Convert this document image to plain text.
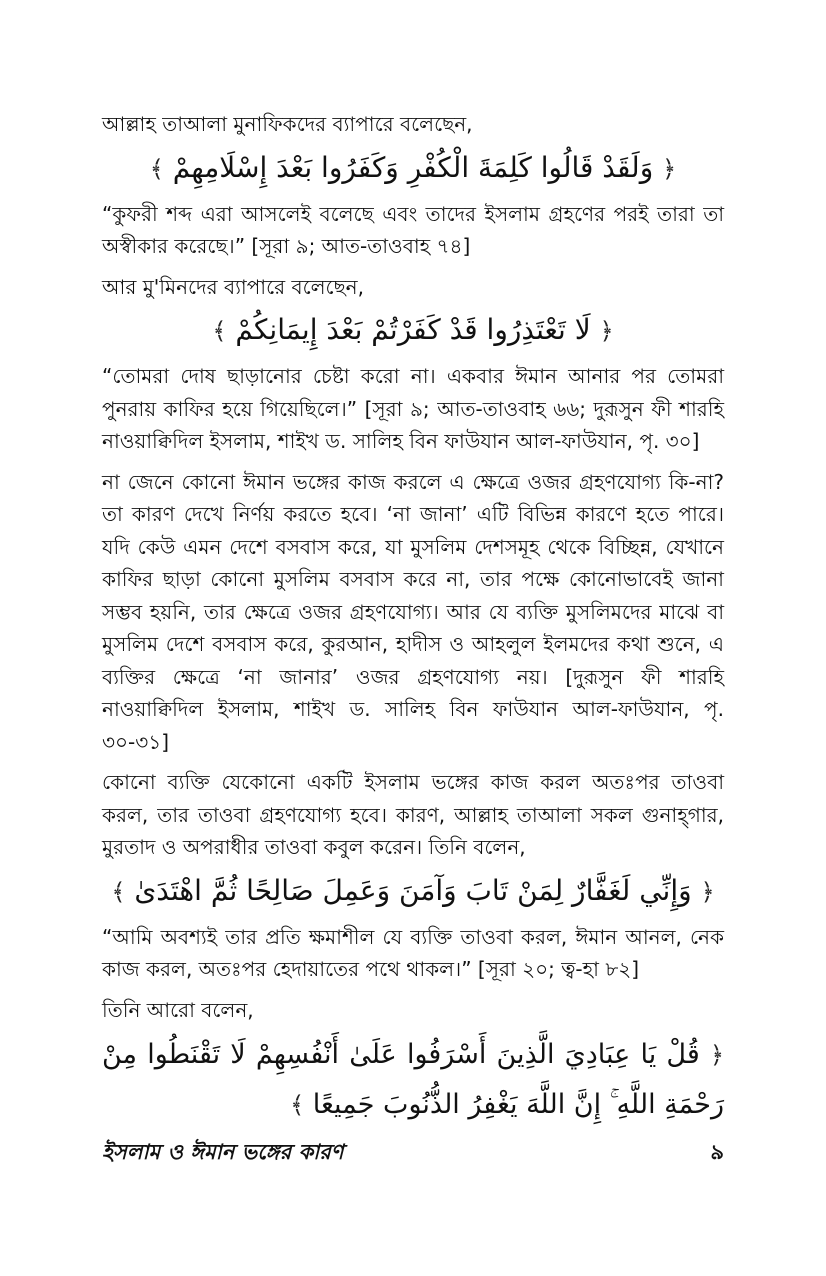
আল্লাহ তাআলা মুনাফিকদের ব্যাপারে বলেছেন,

﴿ وَلَقَدْ قَالُوا كَلِمَةَ الْكُفْرِ وَكَفَرُوا بَعْدَ إِسْلَامِهِمْ ﴾

“কুফরী শব্দ এরা আসলেই বলেছে এবং তাদের ইসলাম গ্রহণের পরই তারা তা অস্বীকার করেছে।” [সূরা ৯; আত-তাওবাহ ৭৪]

আর মু'মিনদের ব্যাপারে বলেছেন,

﴿ لَا تَعْتَذِرُوا قَدْ كَفَرْتُمْ بَعْدَ إِيمَانِكُمْ ﴾

“তোমরা দোষ ছাড়ানোর চেষ্টা করো না। একবার ঈমান আনার পর তোমরা পুনরায় কাফির হয়ে গিয়েছিলে।” [সূরা ৯; আত-তাওবাহ ৬৬; দুরূসুন ফী শারহি নাওয়াক্বিদিল ইসলাম, শাইখ ড. সালিহ বিন ফাউযান আল-ফাউযান, পৃ. ৩০]

না জেনে কোনো ঈমান ভঙ্গের কাজ করলে এ ক্ষেত্রে ওজর গ্রহণযোগ্য কি-না? তা কারণ দেখে নির্ণয় করতে হবে। ‘না জানা’ এটি বিভিন্ন কারণে হতে পারে। যদি কেউ এমন দেশে বসবাস করে, যা মুসলিম দেশসমূহ থেকে বিচ্ছিন্ন, যেখানে কাফির ছাড়া কোনো মুসলিম বসবাস করে না, তার পক্ষে কোনোভাবেই জানা সম্ভব হয়নি, তার ক্ষেত্রে ওজর গ্রহণযোগ্য। আর যে ব্যক্তি মুসলিমদের মাঝে বা মুসলিম দেশে বসবাস করে, কুরআন, হাদীস ও আহলুল ইলমদের কথা শুনে, এ ব্যক্তির ক্ষেত্রে ‘না জানার’ ওজর গ্রহণযোগ্য নয়। [দুরূসুন ফী শারহি নাওয়াক্বিদিল ইসলাম, শাইখ ড. সালিহ বিন ফাউযান আল-ফাউযান, পৃ. ৩০-৩১]

কোনো ব্যক্তি যেকোনো একটি ইসলাম ভঙ্গের কাজ করল অতঃপর তাওবা করল, তার তাওবা গ্রহণযোগ্য হবে। কারণ, আল্লাহ তাআলা সকল গুনাহ্‌গার, মুরতাদ ও অপরাধীর তাওবা কবুল করেন। তিনি বলেন,

﴿ وَإِنِّي لَغَفَّارٌ لِمَنْ تَابَ وَآمَنَ وَعَمِلَ صَالِحًا ثُمَّ اهْتَدَىٰ ﴾

“আমি অবশ্যই তার প্রতি ক্ষমাশীল যে ব্যক্তি তাওবা করল, ঈমান আনল, নেক কাজ করল, অতঃপর হেদায়াতের পথে থাকল।” [সূরা ২০; ত্ব-হা ৮২]

তিনি আরো বলেন,

﴿ قُلْ يَا عِبَادِيَ الَّذِينَ أَسْرَفُوا عَلَىٰ أَنْفُسِهِمْ لَا تَقْنَطُوا مِنْ رَحْمَةِ اللَّهِ ۚ إِنَّ اللَّهَ يَغْفِرُ الذُّنُوبَ جَمِيعًا ﴾
ইসলাম ও ঈমান ভঙ্গের কারণ	৯
